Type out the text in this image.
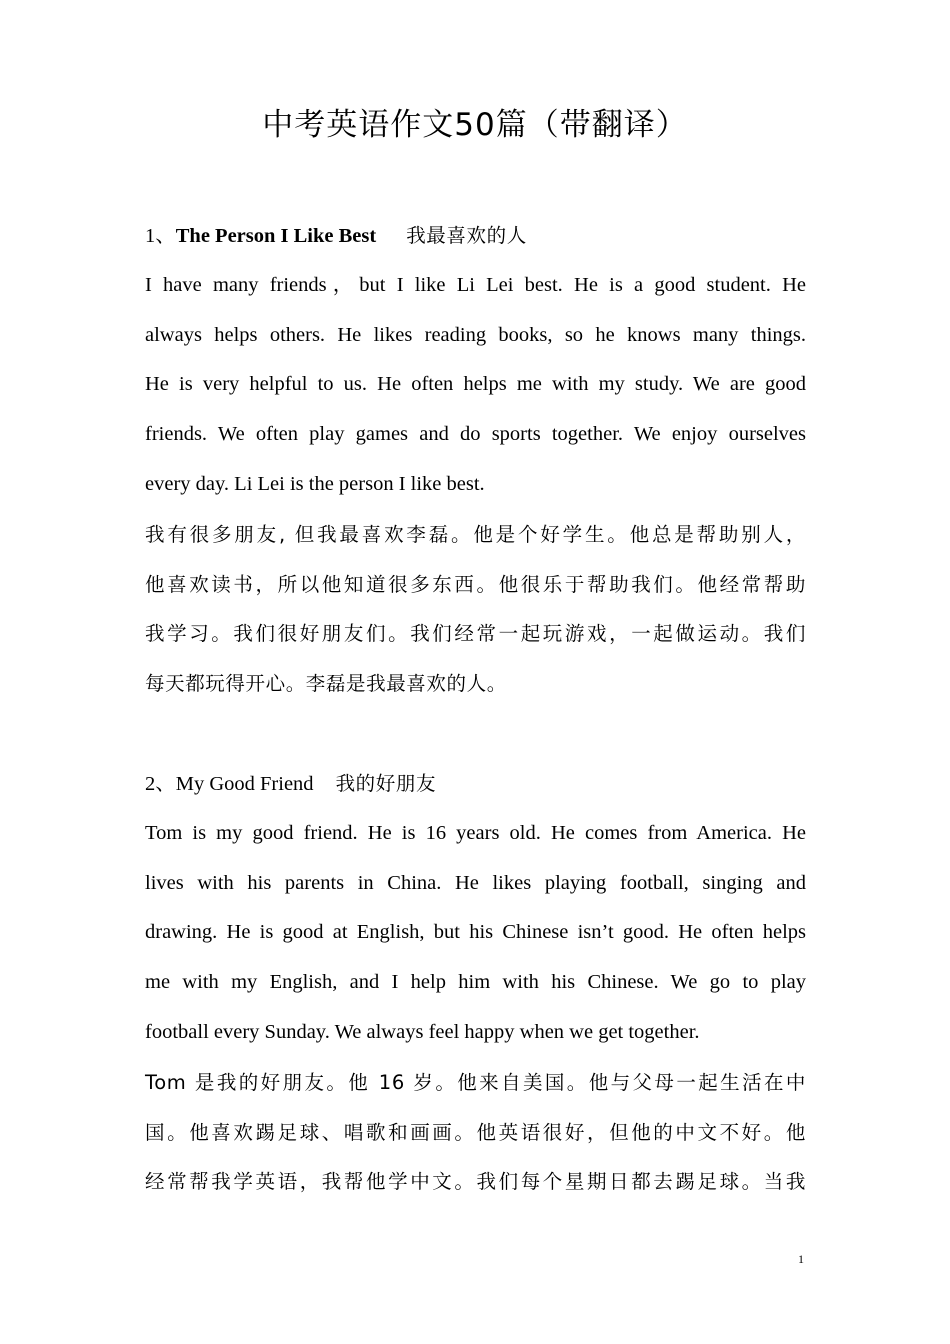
中考英语作文50篇（带翻译）
1、The Person I Like Best 我最喜欢的人
I have many friends，but I like Li Lei best. He is a good student. He
always helps others. He likes reading books, so he knows many things.
He is very helpful to us. He often helps me with my study. We are good
friends. We often play games and do sports together. We enjoy ourselves
every day. Li Lei is the person I like best.
我有很多朋友, 但我最喜欢李磊。他是个好学生。他总是帮助别人，
他喜欢读书，所以他知道很多东西。他很乐于帮助我们。他经常帮助
我学习。我们很好朋友们。我们经常一起玩游戏，一起做运动。我们
每天都玩得开心。李磊是我最喜欢的人。
2、My Good Friend 我的好朋友
Tom is my good friend. He is 16 years old. He comes from America. He
lives with his parents in China. He likes playing football, singing and
drawing. He is good at English, but his Chinese isn’t good. He often helps
me with my English, and I help him with his Chinese. We go to play
football every Sunday. We always feel happy when we get together.
Tom 是我的好朋友。他 16 岁。他来自美国。他与父母一起生活在中
国。他喜欢踢足球、唱歌和画画。他英语很好，但他的中文不好。他
经常帮我学英语，我帮他学中文。我们每个星期日都去踢足球。当我
1
